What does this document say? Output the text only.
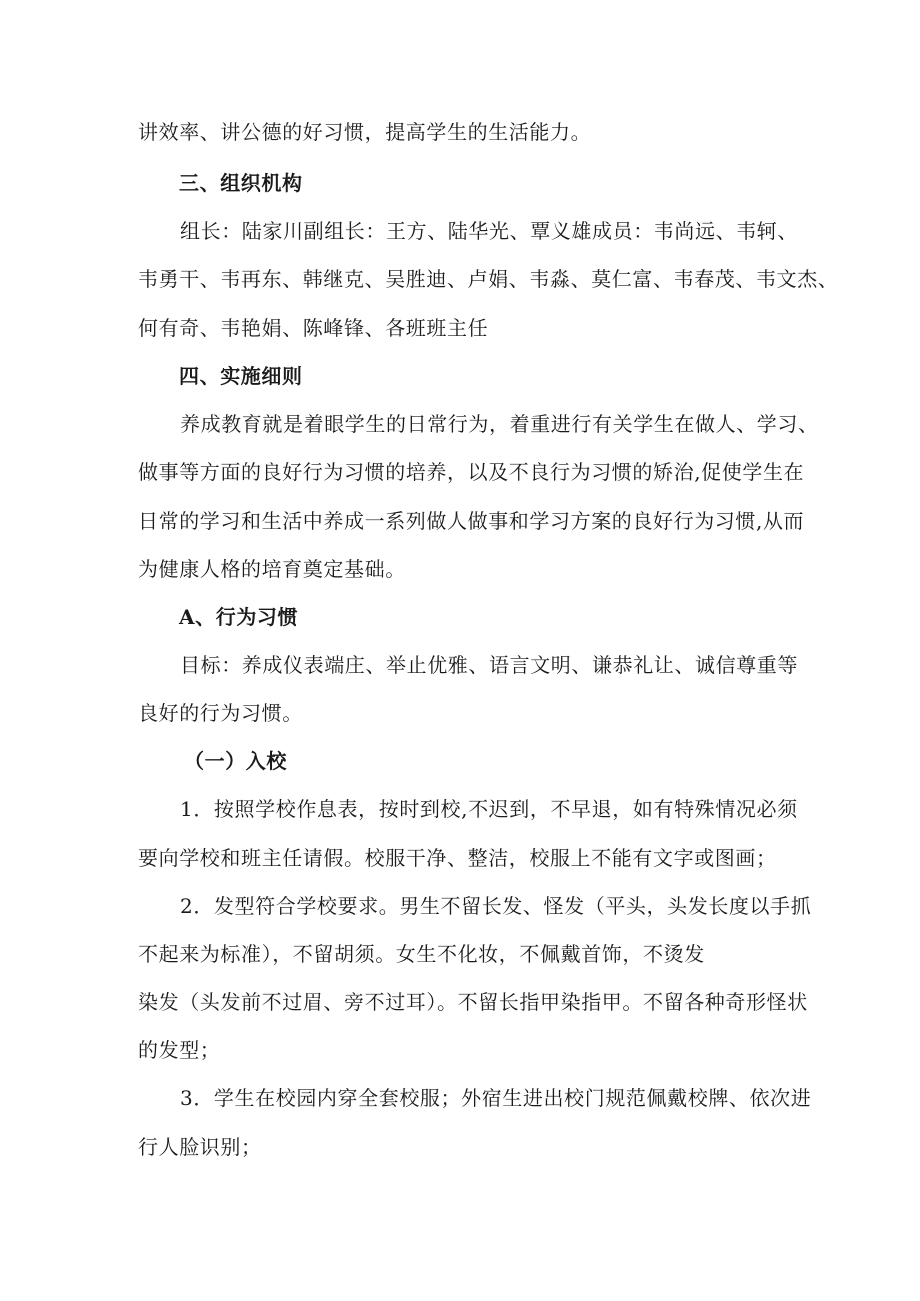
讲效率、讲公德的好习惯，提高学生的生活能力。
三、组织机构
组长：陆家川副组长：王方、陆华光、覃义雄成员：韦尚远、韦轲、
韦勇干、韦再东、韩继克、吴胜迪、卢娟、韦淼、莫仁富、韦春茂、韦文杰、
何有奇、韦艳娟、陈峰锋、各班班主任
四、实施细则
养成教育就是着眼学生的日常行为，着重进行有关学生在做人、学习、
做事等方面的良好行为习惯的培养，以及不良行为习惯的矫治,促使学生在
日常的学习和生活中养成一系列做人做事和学习方案的良好行为习惯,从而
为健康人格的培育奠定基础。
A、行为习惯
目标：养成仪表端庄、举止优雅、语言文明、谦恭礼让、诚信尊重等
良好的行为习惯。
（一）入校
1．按照学校作息表，按时到校,不迟到，不早退，如有特殊情况必须
要向学校和班主任请假。校服干净、整洁，校服上不能有文字或图画；
2．发型符合学校要求。男生不留长发、怪发（平头，头发长度以手抓
不起来为标准），不留胡须。女生不化妆，不佩戴首饰，不烫发
染发（头发前不过眉、旁不过耳）。不留长指甲染指甲。不留各种奇形怪状
的发型；
3．学生在校园内穿全套校服；外宿生进出校门规范佩戴校牌、依次进
行人脸识别；
